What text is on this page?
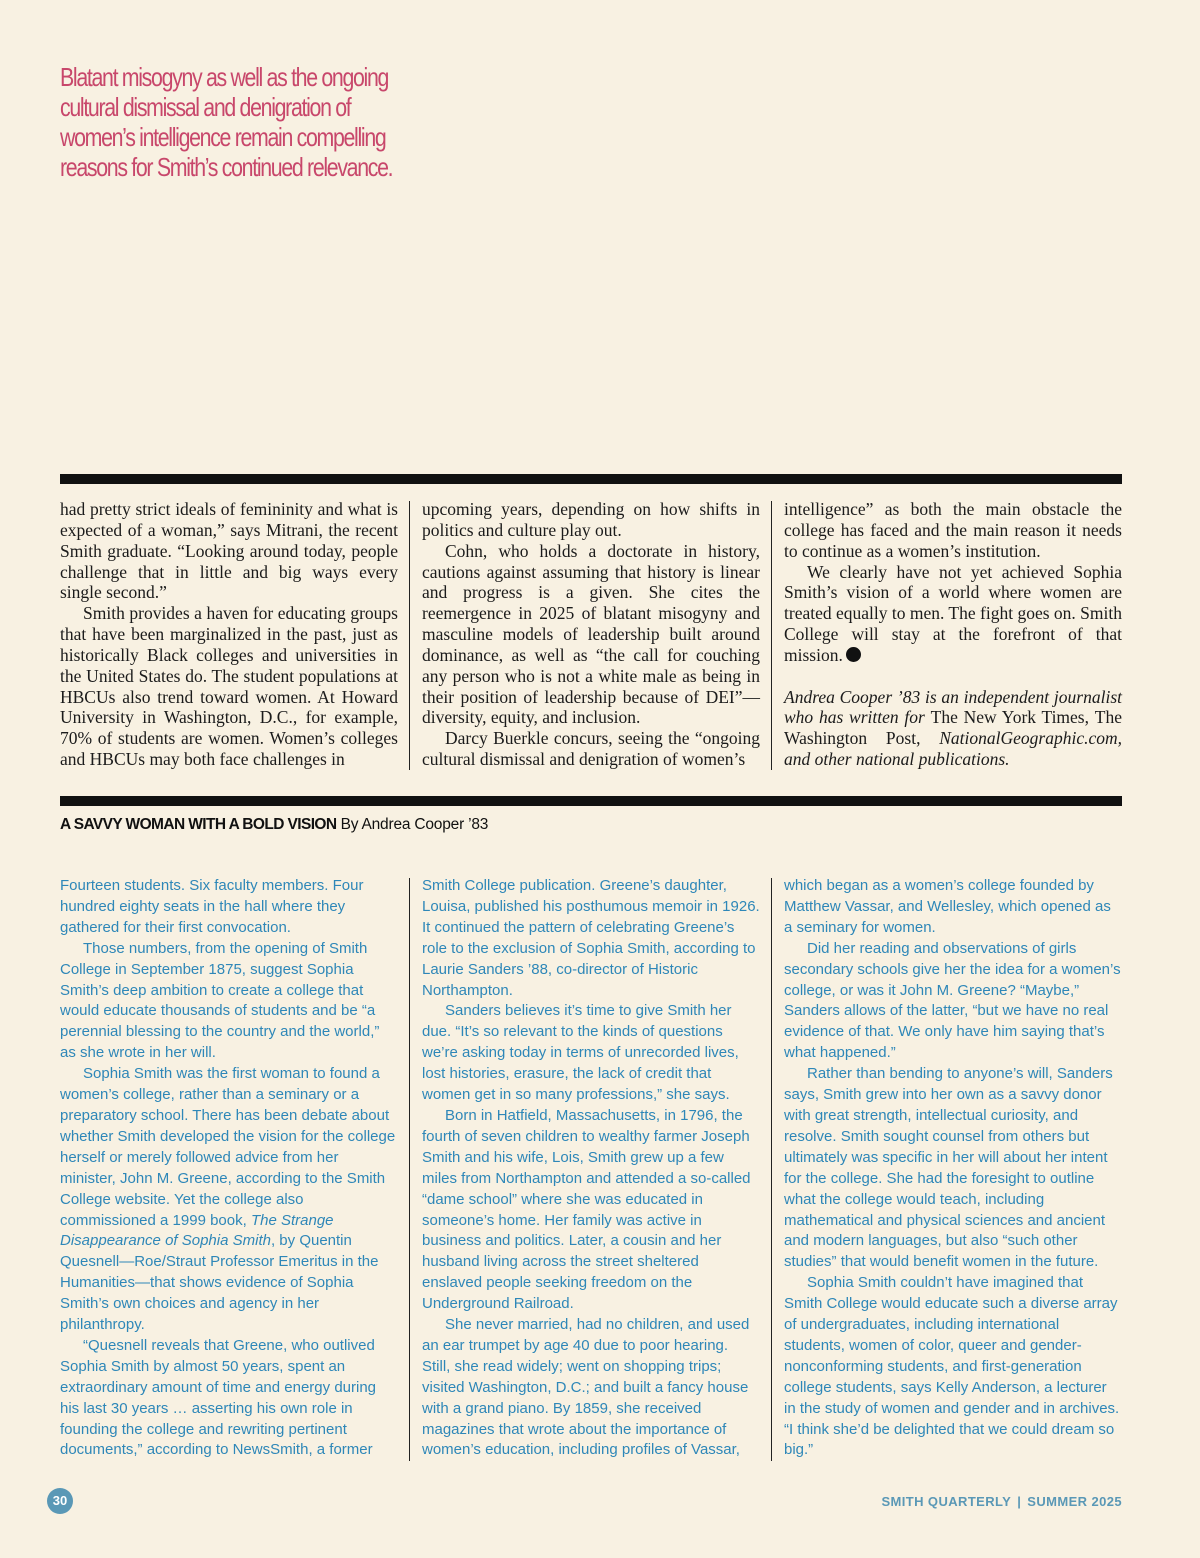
Blatant misogyny as well as the ongoing

cultural dismissal and denigration of

women’s intelligence remain compelling

reasons for Smith’s continued relevance.

had pretty strict ideals of femininity and what is expected of a woman,” says Mitrani, the recent Smith graduate. “Looking around today, people challenge that in little and big ways every single second.”

Smith provides a haven for educating groups that have been marginalized in the past, just as historically Black colleges and universities in the United States do. The student populations at HBCUs also trend toward women. At Howard University in Washington, D.C., for example, 70% of students are women. Women’s colleges and HBCUs may both face challenges in

upcoming years, depending on how shifts in politics and culture play out.

Cohn, who holds a doctorate in history, cautions against assuming that history is linear and progress is a given. She cites the reemergence in 2025 of blatant misogyny and masculine models of leadership built around dominance, as well as “the call for couching any person who is not a white male as being in their position of leadership because of DEI”—diversity, equity, and inclusion.

Darcy Buerkle concurs, seeing the “ongoing cultural dismissal and denigration of women’s

intelligence” as both the main obstacle the college has faced and the main reason it needs to continue as a women’s institution.

We clearly have not yet achieved Sophia Smith’s vision of a world where women are treated equally to men. The fight goes on. Smith College will stay at the forefront of that mission.

Andrea Cooper ’83 is an independent journalist who has written for The New York Times, The Washington Post, NationalGeographic.com, and other national publications.

A SAVVY WOMAN WITH A BOLD VISION By Andrea Cooper ’83

Fourteen students. Six faculty members. Four hundred eighty seats in the hall where they gathered for their first convocation.

Those numbers, from the opening of Smith College in September 1875, suggest Sophia Smith’s deep ambition to create a college that would educate thousands of students and be “a perennial blessing to the country and the world,” as she wrote in her will.

Sophia Smith was the first woman to found a women’s college, rather than a seminary or a preparatory school. There has been debate about whether Smith developed the vision for the college herself or merely followed advice from her minister, John M. Greene, according to the Smith College website. Yet the college also commissioned a 1999 book, The Strange Disappearance of Sophia Smith, by Quentin Quesnell—Roe/Straut Professor Emeritus in the Humanities—that shows evidence of Sophia Smith’s own choices and agency in her philanthropy.

“Quesnell reveals that Greene, who outlived Sophia Smith by almost 50 years, spent an extraordinary amount of time and energy during his last 30 years … asserting his own role in founding the college and rewriting pertinent documents,” according to NewsSmith, a former

Smith College publication. Greene’s daughter, Louisa, published his posthumous memoir in 1926. It continued the pattern of celebrating Greene’s role to the exclusion of Sophia Smith, according to Laurie Sanders ’88, co-director of Historic Northampton.

Sanders believes it’s time to give Smith her due. “It’s so relevant to the kinds of questions we’re asking today in terms of unrecorded lives, lost histories, erasure, the lack of credit that women get in so many professions,” she says.

Born in Hatfield, Massachusetts, in 1796, the fourth of seven children to wealthy farmer Joseph Smith and his wife, Lois, Smith grew up a few miles from Northampton and attended a so-called “dame school” where she was educated in someone’s home. Her family was active in business and politics. Later, a cousin and her husband living across the street sheltered enslaved people seeking freedom on the Underground Railroad.

She never married, had no children, and used an ear trumpet by age 40 due to poor hearing. Still, she read widely; went on shopping trips; visited Washington, D.C.; and built a fancy house with a grand piano. By 1859, she received magazines that wrote about the importance of women’s education, including profiles of Vassar,

which began as a women’s college founded by Matthew Vassar, and Wellesley, which opened as a seminary for women.

Did her reading and observations of girls secondary schools give her the idea for a women’s college, or was it John M. Greene? “Maybe,” Sanders allows of the latter, “but we have no real evidence of that. We only have him saying that’s what happened.”

Rather than bending to anyone’s will, Sanders says, Smith grew into her own as a savvy donor with great strength, intellectual curiosity, and resolve. Smith sought counsel from others but ultimately was specific in her will about her intent for the college. She had the foresight to outline what the college would teach, including mathematical and physical sciences and ancient and modern languages, but also “such other studies” that would benefit women in the future.

Sophia Smith couldn’t have imagined that Smith College would educate such a diverse array of undergraduates, including international students, women of color, queer and gender-nonconforming students, and first-generation college students, says Kelly Anderson, a lecturer in the study of women and gender and in archives. “I think she’d be delighted that we could dream so big.”

30	SMITH QUARTERLY | SUMMER 2025
